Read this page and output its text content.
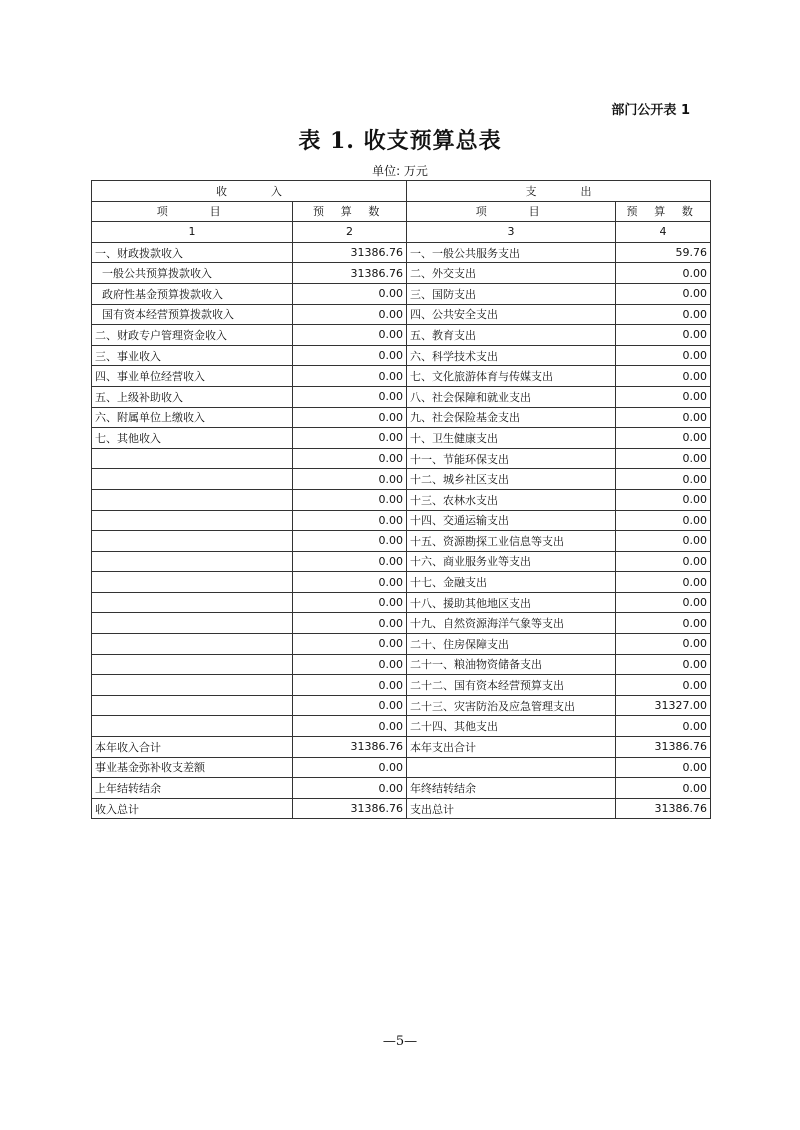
部门公开表 1
表 1. 收支预算总表
单位: 万元
收　　　　入		支　　　　出	
项　　目	预 算 数	项　　目	预 算 数
1	2	3	4
一、财政拨款收入	31386.76	一、一般公共服务支出	59.76
一般公共预算拨款收入	31386.76	二、外交支出	0.00
政府性基金预算拨款收入	0.00	三、国防支出	0.00
国有资本经营预算拨款收入	0.00	四、公共安全支出	0.00
二、财政专户管理资金收入	0.00	五、教育支出	0.00
三、事业收入	0.00	六、科学技术支出	0.00
四、事业单位经营收入	0.00	七、文化旅游体育与传媒支出	0.00
五、上级补助收入	0.00	八、社会保障和就业支出	0.00
六、附属单位上缴收入	0.00	九、社会保险基金支出	0.00
七、其他收入	0.00	十、卫生健康支出	0.00
	0.00	十一、节能环保支出	0.00
	0.00	十二、城乡社区支出	0.00
	0.00	十三、农林水支出	0.00
	0.00	十四、交通运输支出	0.00
	0.00	十五、资源勘探工业信息等支出	0.00
	0.00	十六、商业服务业等支出	0.00
	0.00	十七、金融支出	0.00
	0.00	十八、援助其他地区支出	0.00
	0.00	十九、自然资源海洋气象等支出	0.00
	0.00	二十、住房保障支出	0.00
	0.00	二十一、粮油物资储备支出	0.00
	0.00	二十二、国有资本经营预算支出	0.00
	0.00	二十三、灾害防治及应急管理支出	31327.00
	0.00	二十四、其他支出	0.00
本年收入合计	31386.76	本年支出合计	31386.76
事业基金弥补收支差额	0.00		0.00
上年结转结余	0.00	年终结转结余	0.00
收入总计	31386.76	支出总计	31386.76
—5—
